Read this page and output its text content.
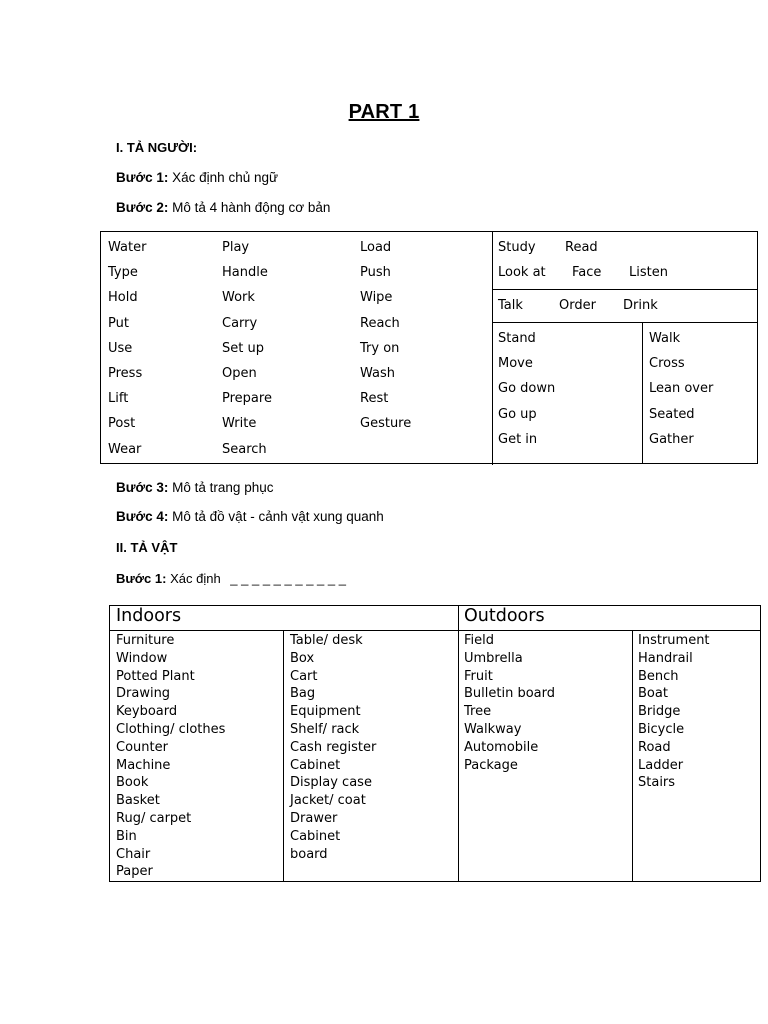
PART 1
I. TẢ NGƯỜI:
Bước 1: Xác định chủ ngữ
Bước 2: Mô tả 4 hành động cơ bản
Water
Type
Hold
Put
Use
Press
Lift
Post
Wear
Play
Handle
Work
Carry
Set up
Open
Prepare
Write
Search
Load
Push
Wipe
Reach
Try on
Wash
Rest
Gesture
Study Read
Look at Face Listen
Talk	Order Drink
Stand
Move
Go down
Go up
Get in
Walk
Cross
Lean over
Seated
Gather
Bước 3: Mô tả trang phục
Bước 4: Mô tả đồ vật - cảnh vật xung quanh
II. TẢ VẬT
Bước 1: Xác định _ _ _ _ _ _ _ _ _ _ _
Indoors	Outdoors
Furniture
Window
Potted Plant
Drawing
Keyboard
Clothing/ clothes
Counter
Machine
Book
Basket
Rug/ carpet
Bin
Chair
Paper
Table/ desk
Box
Cart
Bag
Equipment
Shelf/ rack
Cash register
Cabinet
Display case
Jacket/ coat
Drawer
Cabinet
board
Field
Umbrella
Fruit
Bulletin board
Tree
Walkway
Automobile
Package
Instrument
Handrail
Bench
Boat
Bridge
Bicycle
Road
Ladder
Stairs
